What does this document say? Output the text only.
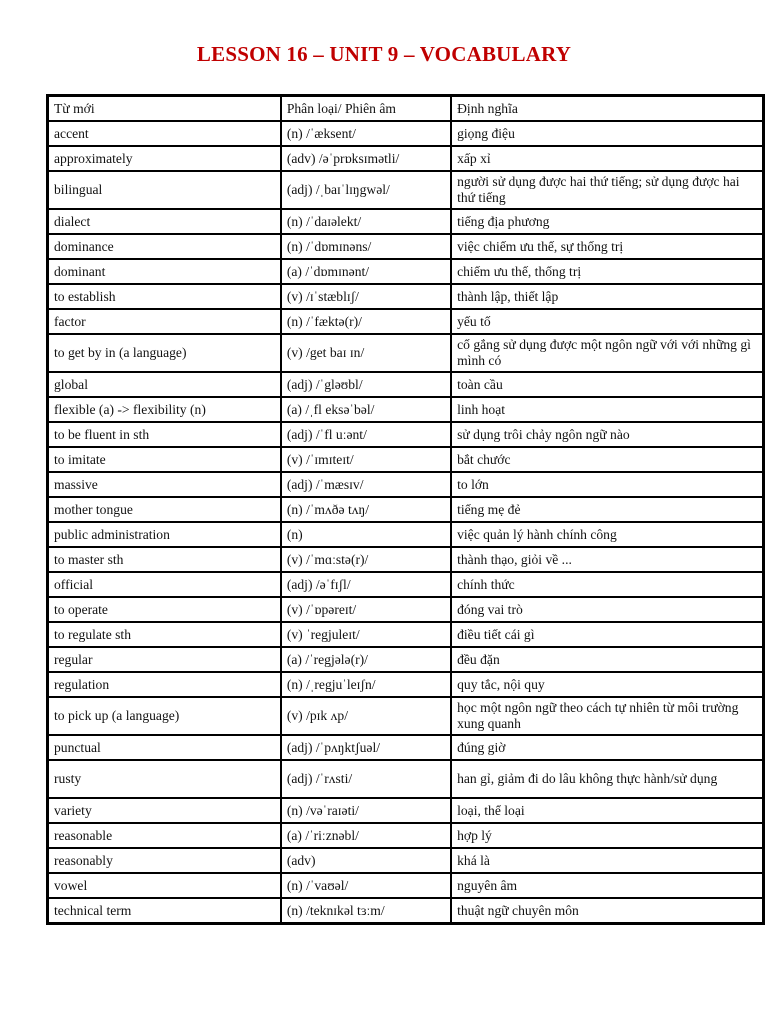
LESSON 16 – UNIT 9 – VOCABULARY
Từ mới	Phân loại/ Phiên âm	Định nghĩa
accent	(n) /ˈæksent/	giọng điệu
approximately	(adv) /əˈprɒksɪmətli/	xấp xỉ
bilingual	(adj) /ˌbaɪˈlɪŋgwəl/	người sử dụng được hai thứ tiếng; sử dụng được hai thứ tiếng
dialect	(n) /ˈdaɪəlekt/	tiếng địa phương
dominance	(n) /ˈdɒmɪnəns/	việc chiếm ưu thế, sự thống trị
dominant	(a) /ˈdɒmɪnənt/	chiếm ưu thế, thống trị
to establish	(v) /ɪˈstæblɪʃ/	thành lập, thiết lập
factor	(n) /ˈfæktə(r)/	yếu tố
to get by in (a language)	(v) /get baɪ ɪn/	cố gắng sử dụng được một ngôn ngữ với với những gì mình có
global	(adj) /ˈgləʊbl/	toàn cầu
flexible (a) -> flexibility (n)	(a) /ˌfl eksəˈbəl/	linh hoạt
to be fluent in sth	(adj) /ˈfl uːənt/	sử dụng trôi chảy ngôn ngữ nào
to imitate	(v) /ˈɪmɪteɪt/	bắt chước
massive	(adj) /ˈmæsɪv/	to lớn
mother tongue	(n) /ˈmʌðə tʌŋ/	tiếng mẹ đẻ
public administration	(n)	việc quản lý hành chính công
to master sth	(v) /ˈmɑːstə(r)/	thành thạo, giỏi về ...
official	(adj) /əˈfɪʃl/	chính thức
to operate	(v) /ˈɒpəreɪt/	đóng vai trò
to regulate sth	(v) ˈregjuleɪt/	điều tiết cái gì
regular	(a) /ˈregjələ(r)/	đều đặn
regulation	(n) /ˌregjuˈleɪʃn/	quy tắc, nội quy
to pick up (a language)	(v) /pɪk ʌp/	học một ngôn ngữ theo cách tự nhiên từ môi trường xung quanh
punctual	(adj) /ˈpʌŋktʃuəl/	đúng giờ
rusty	(adj) /ˈrʌsti/	han gỉ, giảm đi do lâu không thực hành/sử dụng
variety	(n) /vəˈraɪəti/	loại, thể loại
reasonable	(a) /ˈriːznəbl/	hợp lý
reasonably	(adv)	khá là
vowel	(n) /ˈvaʊəl/	nguyên âm
technical term	(n) /teknɪkəl tɜːm/	thuật ngữ chuyên môn
